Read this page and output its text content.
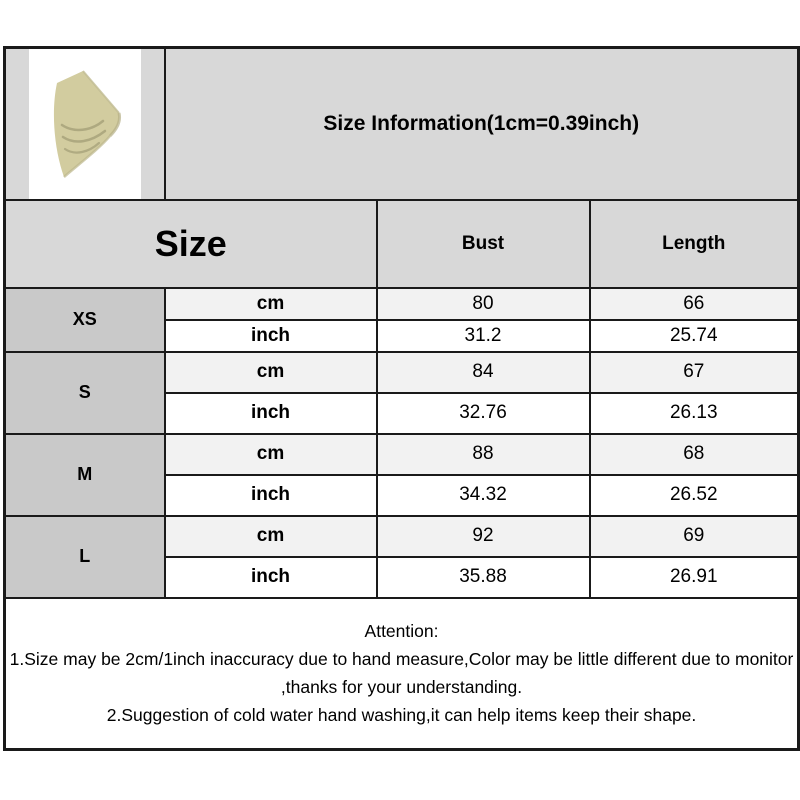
	Size Information(1cm=0.39inch)		
Size		Bust	Length
XS	cm	80	66
	inch	31.2	25.74
S	cm	84	67
	inch	32.76	26.13
M	cm	88	68
	inch	34.32	26.52
L	cm	92	69
	inch	35.88	26.91

Attention:
1.Size may be 2cm/1inch inaccuracy due to hand measure,Color may be little different due to monitor ,thanks for your understanding.
2.Suggestion of cold water hand washing,it can help items keep their shape.			
